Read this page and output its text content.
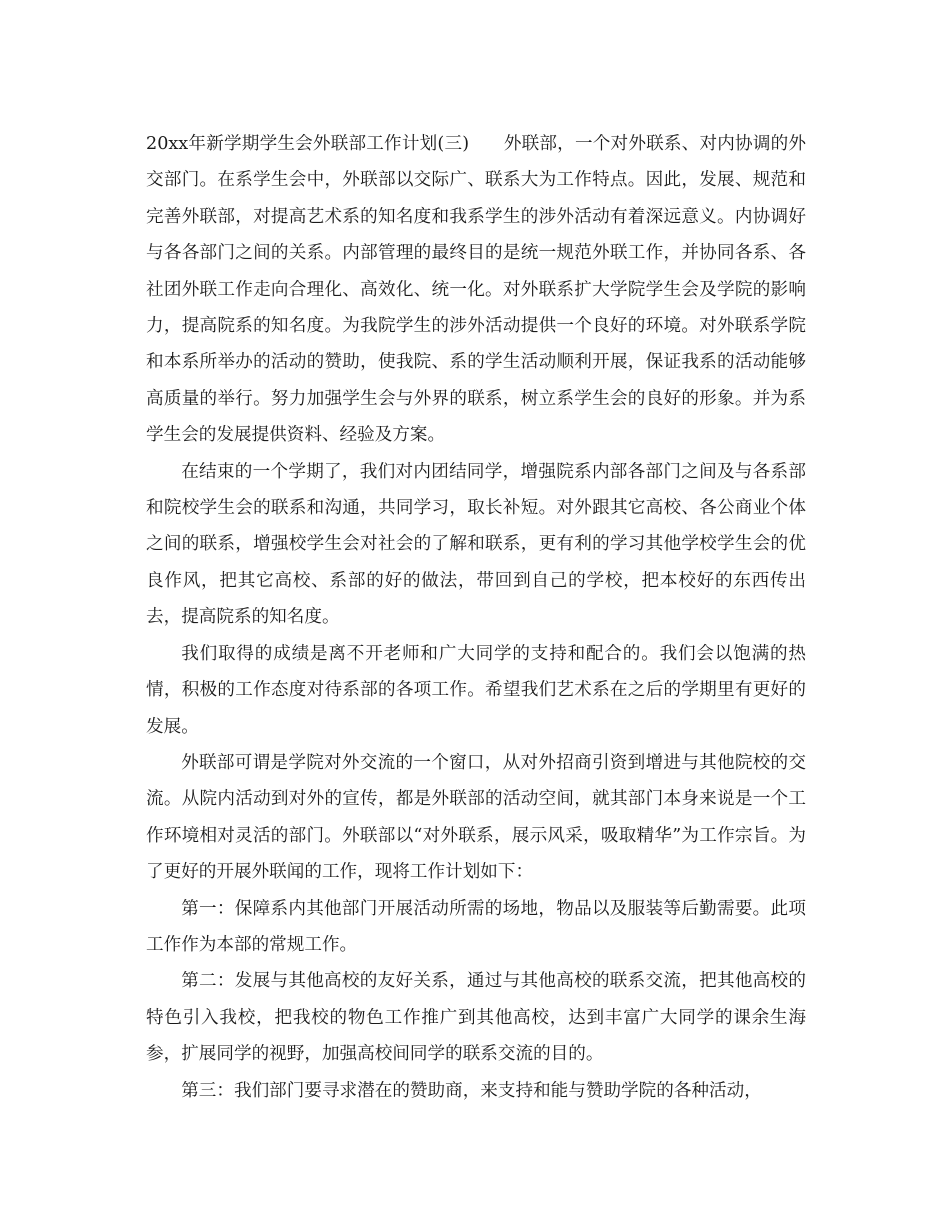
20xx年新学期学生会外联部工作计划(三) 外联部，一个对外联系、对内协调的外交部门。在系学生会中，外联部以交际广、联系大为工作特点。因此，发展、规范和完善外联部，对提高艺术系的知名度和我系学生的涉外活动有着深远意义。内协调好与各各部门之间的关系。内部管理的最终目的是统一规范外联工作，并协同各系、各社团外联工作走向合理化、高效化、统一化。对外联系扩大学院学生会及学院的影响力，提高院系的知名度。为我院学生的涉外活动提供一个良好的环境。对外联系学院和本系所举办的活动的赞助，使我院、系的学生活动顺利开展，保证我系的活动能够高质量的举行。努力加强学生会与外界的联系，树立系学生会的良好的形象。并为系学生会的发展提供资料、经验及方案。

在结束的一个学期了，我们对内团结同学，增强院系内部各部门之间及与各系部和院校学生会的联系和沟通，共同学习，取长补短。对外跟其它高校、各公商业个体之间的联系，增强校学生会对社会的了解和联系，更有利的学习其他学校学生会的优良作风，把其它高校、系部的好的做法，带回到自己的学校，把本校好的东西传出去，提高院系的知名度。

我们取得的成绩是离不开老师和广大同学的支持和配合的。我们会以饱满的热情，积极的工作态度对待系部的各项工作。希望我们艺术系在之后的学期里有更好的发展。

外联部可谓是学院对外交流的一个窗口，从对外招商引资到增进与其他院校的交流。从院内活动到对外的宣传，都是外联部的活动空间，就其部门本身来说是一个工作环境相对灵活的部门。外联部以“对外联系，展示风采，吸取精华”为工作宗旨。为了更好的开展外联闻的工作，现将工作计划如下：

第一：保障系内其他部门开展活动所需的场地，物品以及服装等后勤需要。此项工作作为本部的常规工作。

第二：发展与其他高校的友好关系，通过与其他高校的联系交流，把其他高校的特色引入我校，把我校的物色工作推广到其他高校，达到丰富广大同学的课余生海参，扩展同学的视野，加强高校间同学的联系交流的目的。

第三：我们部门要寻求潜在的赞助商，来支持和能与赞助学院的各种活动，
